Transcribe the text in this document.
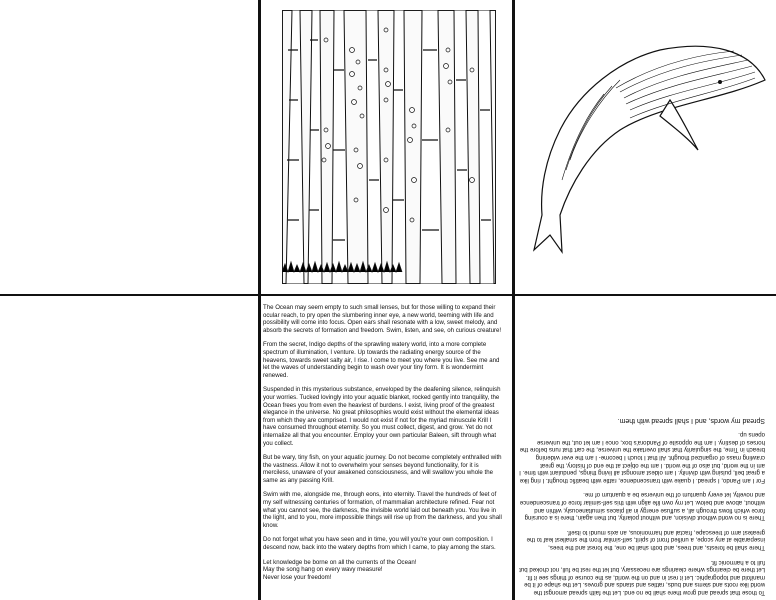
The Ocean may seem empty to such small lenses, but for those willing to expand their ocular reach, to pry open the slumbering inner eye, a new world, teeming with life and possibility will come into focus. Open ears shall resonate with a low, sweet melody, and absorb the secrets of formation and freedom. Swim, listen, and see, oh curious creature!

From the secret, Indigo depths of the sprawling watery world, into a more complete spectrum of illumination, I venture. Up towards the radiating energy source of the heavens, towards sweet salty air, I rise. I come to meet you where you live. See me and let the waves of understanding begin to wash over your tiny form. It is wondermint renewed.

Suspended in this mysterious substance, enveloped by the deafening silence, relinquish your worries. Tucked lovingly into your aquatic blanket, rocked gently into tranquility, the Ocean frees you from even the heaviest of burdens. I exist, living proof of the greatest elegance in the universe. No great philosophies would exist without the elemental ideas from which they are comprised. I would not exist if not for the myriad minuscule Krill I have consumed throughout eternity. So you must collect, digest, and grow. Yet do not internalize all that you encounter. Employ your own particular Baleen, sift through what you collect.

But be wary, tiny fish, on your aquatic journey. Do not become completely enthralled with the vastness. Allow it not to overwhelm your senses beyond functionality, for it is merciless, unaware of your awakened consciousness, and will swallow you whole the same as any passing Krill.

Swim with me, alongside me, through eons, into eternity. Travel the hundreds of feet of my self witnessing centuries of formation, of mammalian architecture refined. Fear not what you cannot see, the darkness, the invisible world laid out beneath you. You live in the light, and to you, more impossible things will rise up from the darkness, and you shall know.

Do not forget what you have seen and in time, you will you're your own composition. I descend now, back into the watery depths from which I came, to play among the stars.

Let knowledge be borne on all the currents of the Ocean!
May the song hang on every wavy measure!
Never lose your freedom!

To those that spread and grow there shall be no end. Let the faith spread amongst the world like roots and stems and buds, rattles and stands and groves. Let the shape of it be manifold and topographic. Let it rest in and on the world, as the course of things see it fit. Let there be clearings where clearings are necessary, but let the rest be full, not choked but full to a harmonic fit.

There shall be forests, and trees, and both shall be one, the forest and the trees, inseparable at any scope, a unified front of spirit, self-similar from the smallest leaf to the greatest arm of treescape, fractal and harmonious, an axis mundi to itself.

There is no world without division, and without polarity, but then again, there is a coursing force which flows through all, a suffuse energy in all places simultaneously, within and without, above and below. Let my own life align with this self-similar force of transcendence and novelty, let every quantum of the universe be a quantum of me.

For I am Pando, I spread. I quake with transcendence, rattle with beatific thought. I ring like a great bell, pulsing with divinity. I am oldest amongst all living things, pendulant with time. I am in the world, but also of the world. I am the object at the end of history, the great crawling mass of organized thought. All that I touch I become- I am the ever widening breach in Time, the singularity that shall overtake the universe, the cart that runs before the horses of destiny. I am the opposite of Pandora's box, once I am let out, the universe opens up.

Spread my words, and I shall spread with them.
